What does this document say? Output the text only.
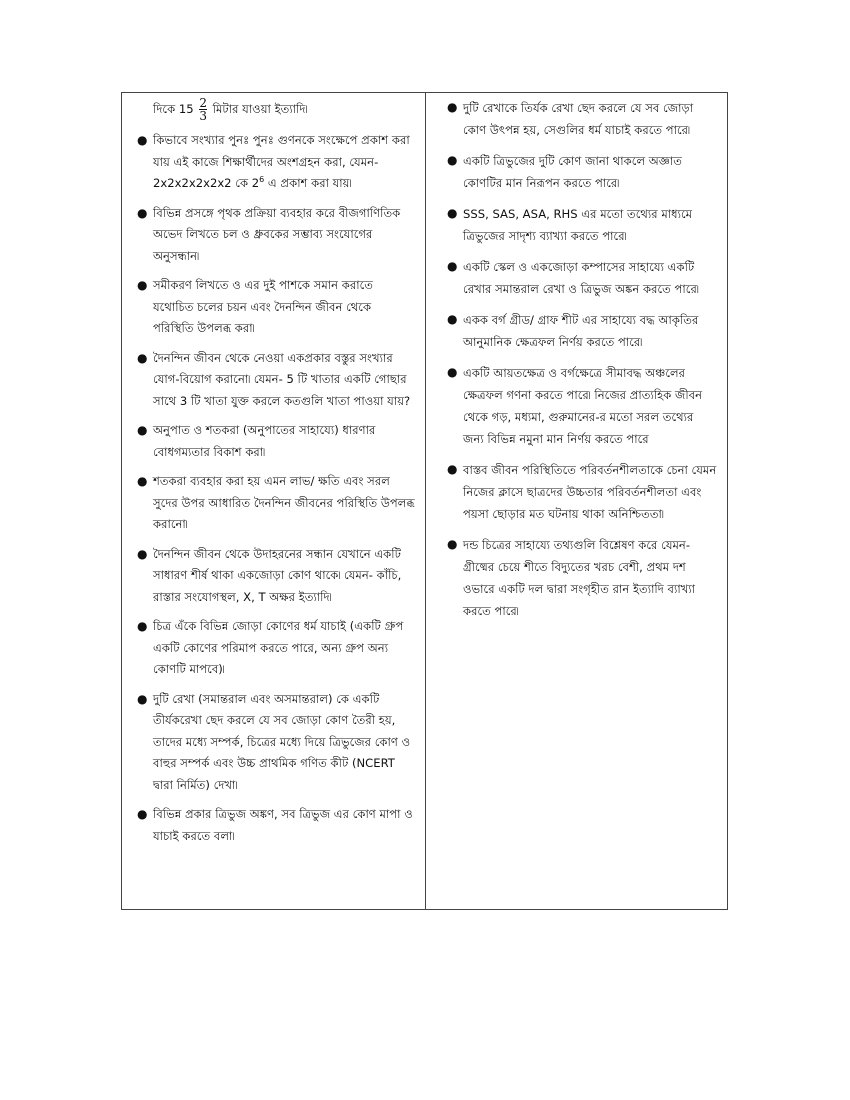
দিকে $15 \frac{2}{3}$ মিটার যাওয়া ইত্যাদি৷

● কিভাবে সংখ্যার পুনঃ পুনঃ গুণনকে সংক্ষেপে প্রকাশ করা যায় এই কাজে শিক্ষার্থীদের অংশগ্রহন করা, যেমন- 2x2x2x2x2x2 কে $2^6$ এ প্রকাশ করা যায়৷
● বিভিন্ন প্রসঙ্গে পৃথক প্রক্রিয়া ব্যবহার করে বীজগাণিতিক অভেদ লিখতে চল ও ধ্রুবকের সম্ভাব্য সংযোগের অনুসন্ধান৷
● সমীকরণ লিখতে ও এর দুই পাশকে সমান করাতে যথোচিত চলের চয়ন এবং দৈনন্দিন জীবন থেকে পরিস্থিতি উপলব্ধ করা৷
● দৈনন্দিন জীবন থেকে নেওয়া একপ্রকার বস্তুর সংখ্যার যোগ-বিয়োগ করানো৷ যেমন- 5 টি খাতার একটি গোছার সাথে 3 টি খাতা যুক্ত করলে কতগুলি খাতা পাওয়া যায়?
● অনুপাত ও শতকরা (অনুপাতের সাহায্যে) ধারণার বোধগম্যতার বিকাশ করা৷
● শতকরা ব্যবহার করা হয় এমন লাভ/ ক্ষতি এবং সরল সুদের উপর আধারিত দৈনন্দিন জীবনের পরিস্থিতি উপলব্ধ করানো৷
● দৈনন্দিন জীবন থেকে উদাহরনের সন্ধান যেখানে একটি সাধারণ শীর্ষ থাকা একজোড়া কোণ থাকে৷ যেমন- কাঁচি, রাস্তার সংযোগস্থল, X, T অক্ষর ইত্যাদি৷
● চিত্র এঁকে বিভিন্ন জোড়া কোণের ধর্ম যাচাই (একটি গ্রুপ একটি কোণের পরিমাপ করতে পারে, অন্য গ্রুপ অন্য কোণটি মাপবে)৷
● দুটি রেখা (সমান্তরাল এবং অসমান্তরাল) কে একটি তীর্যকরেখা ছেদ করলে যে সব জোড়া কোণ তৈরী হয়, তাদের মধ্যে সম্পর্ক, চিত্রের মধ্যে দিয়ে ত্রিভুজের কোণ ও বাহুর সম্পর্ক এবং উচ্চ প্রাথমিক গণিত কীট (NCERT দ্বারা নির্মিত) দেখা৷
● বিভিন্ন প্রকার ত্রিভুজ অঙ্কণ, সব ত্রিভুজ এর কোণ মাপা ও যাচাই করতে বলা৷
● দুটি রেখাকে তির্যক রেখা ছেদ করলে যে সব জোড়া কোণ উৎপন্ন হয়, সেগুলির ধর্ম যাচাই করতে পারে৷
● একটি ত্রিভুজের দুটি কোণ জানা থাকলে অজ্ঞাত কোণটির মান নিরূপন করতে পারে৷
● SSS, SAS, ASA, RHS এর মতো তথ্যের মাধ্যমে ত্রিভুজের সাদৃশ্য ব্যাখ্যা করতে পারে৷
● একটি স্কেল ও একজোড়া কম্পাসের সাহায্যে একটি রেখার সমান্তরাল রেখা ও ত্রিভুজ অঙ্কন করতে পারে৷
● একক বর্গ গ্রীড/ গ্রাফ শীট এর সাহায্যে বদ্ধ আকৃতির আনুমানিক ক্ষেত্রফল নির্ণয় করতে পারে৷
● একটি আয়তক্ষেত্র ও বর্গক্ষেত্রে সীমাবদ্ধ অঞ্চলের ক্ষেত্রফল গণনা করতে পারে৷ নিজের প্রাত্যহিক জীবন থেকে গড়, মধ্যমা, গুরুমানের-র মতো সরল তথ্যের জন্য বিভিন্ন নমুনা মান নির্ণয় করতে পারে
● বাস্তব জীবন পরিস্থিতিতে পরিবর্তনশীলতাকে চেনা যেমন নিজের ক্লাসে ছাত্রদের উচ্চতার পরিবর্তনশীলতা এবং পয়সা ছোড়ার মত ঘটনায় থাকা অনিশ্চিততা৷
● দন্ড চিত্রের সাহায্যে তথ্যগুলি বিশ্লেষণ করে যেমন- গ্রীষ্মের চেয়ে শীতে বিদ্যুতের খরচ বেশী, প্রথম দশ ওভারে একটি দল দ্বারা সংগৃহীত রান ইত্যাদি ব্যাখ্যা করতে পারে৷
